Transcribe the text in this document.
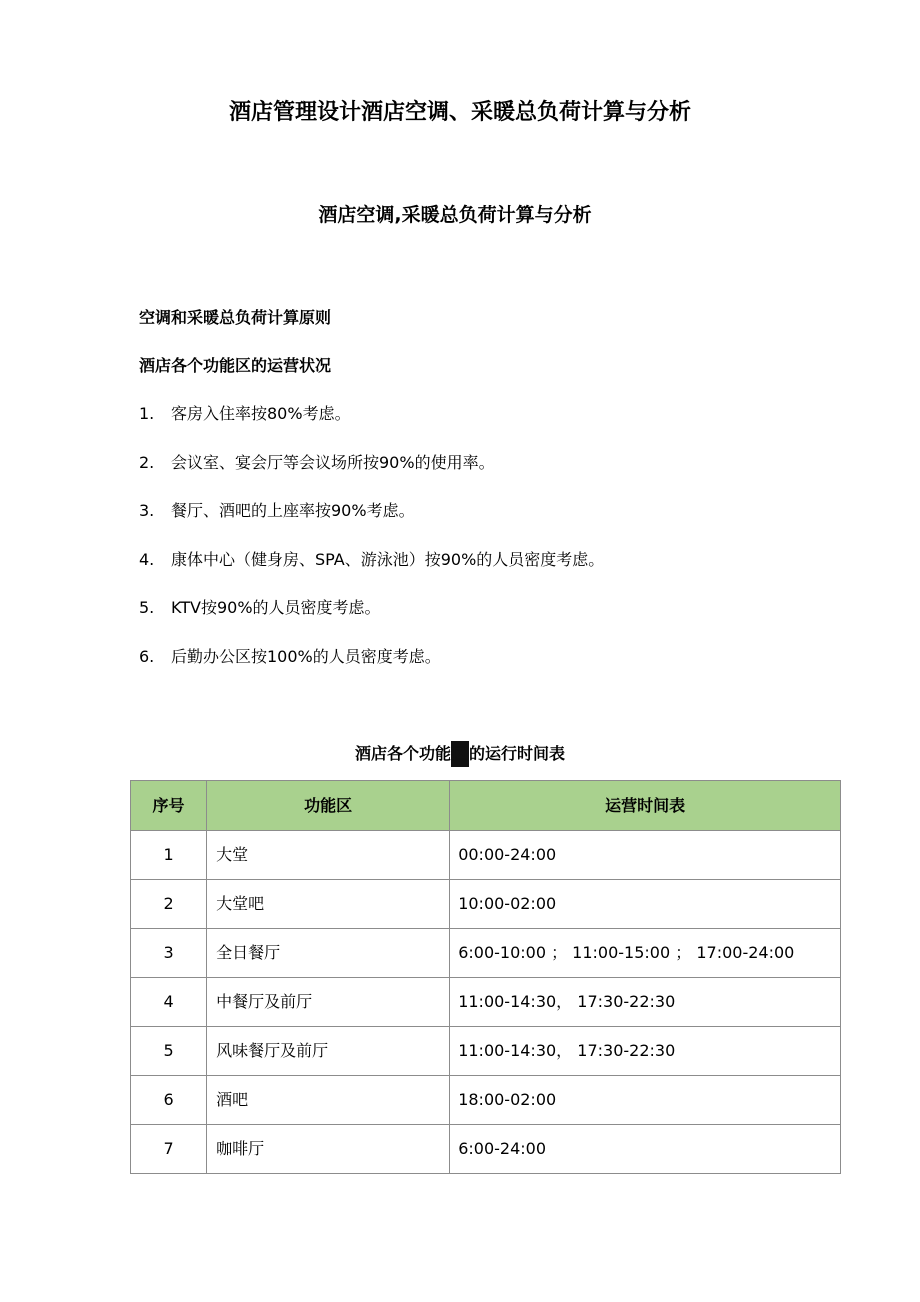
酒店管理设计酒店空调、采暖总负荷计算与分析
酒店空调,采暖总负荷计算与分析
空调和采暖总负荷计算原则
酒店各个功能区的运营状况
1.	客房入住率按80%考虑。
2.	会议室、宴会厅等会议场所按90%的使用率。
3.	餐厅、酒吧的上座率按90%考虑。
4.	康体中心（健身房、SPA、游泳池）按90%的人员密度考虑。
5.	KTV按90%的人员密度考虑。
6.	后勤办公区按100%的人员密度考虑。

酒店各个功能区的运行时间表

序号	功能区	运营时间表
1	大堂	00:00-24:00
2	大堂吧	10:00-02:00
3	全日餐厅	6:00-10:00 ； 11:00-15:00 ； 17:00-24:00
4	中餐厅及前厅	11:00-14:30， 17:30-22:30
5	风味餐厅及前厅	11:00-14:30， 17:30-22:30
6	酒吧	18:00-02:00
7	咖啡厅	6:00-24:00
